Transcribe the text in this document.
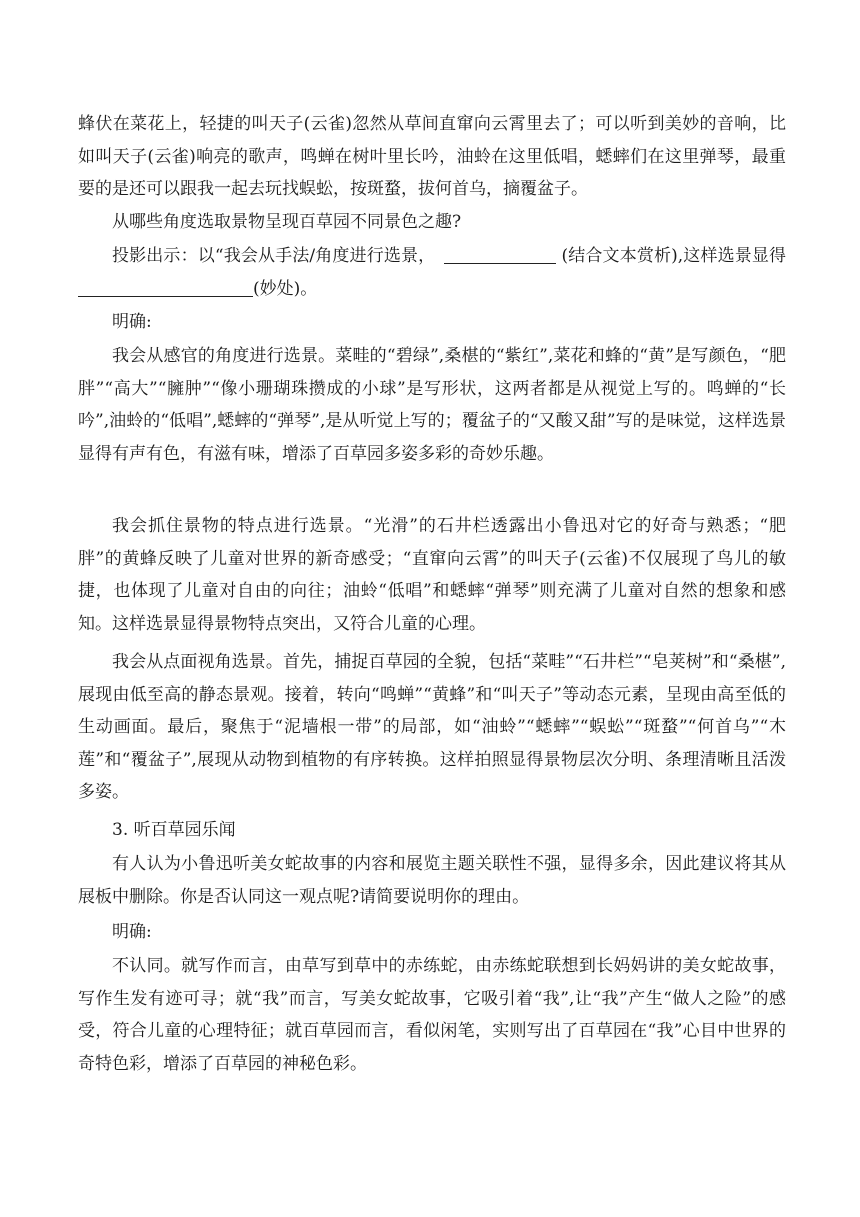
蜂伏在菜花上，轻捷的叫天子(云雀)忽然从草间直窜向云霄里去了；可以听到美妙的音响，比如叫天子(云雀)响亮的歌声，鸣蝉在树叶里长吟，油蛉在这里低唱，蟋蟀们在这里弹琴，最重要的是还可以跟我一起去玩找蜈蚣，按斑蝥，拔何首乌，摘覆盆子。

从哪些角度选取景物呈现百草园不同景色之趣?

投影出示：以“我会从手法/角度进行选景，　	(结合文本赏析),这样选景显得(妙处)。

明确:

我会从感官的角度进行选景。菜畦的“碧绿”,桑椹的“紫红”,菜花和蜂的“黄”是写颜色，“肥胖”“高大”“臃肿”“像小珊瑚珠攒成的小球”是写形状，这两者都是从视觉上写的。鸣蝉的“长吟”,油蛉的“低唱”,蟋蟀的“弹琴”,是从听觉上写的；覆盆子的“又酸又甜”写的是味觉，这样选景显得有声有色，有滋有味，增添了百草园多姿多彩的奇妙乐趣。

我会抓住景物的特点进行选景。“光滑”的石井栏透露出小鲁迅对它的好奇与熟悉；“肥胖”的黄蜂反映了儿童对世界的新奇感受；“直窜向云霄”的叫天子(云雀)不仅展现了鸟儿的敏捷，也体现了儿童对自由的向往；油蛉“低唱”和蟋蟀“弹琴”则充满了儿童对自然的想象和感知。这样选景显得景物特点突出，又符合儿童的心理。

我会从点面视角选景。首先，捕捉百草园的全貌，包括“菜畦”“石井栏”“皂荚树”和“桑椹”,展现由低至高的静态景观。接着，转向“鸣蝉”“黄蜂”和“叫天子”等动态元素，呈现由高至低的生动画面。最后，聚焦于“泥墙根一带”的局部，如“油蛉”“蟋蟀”“蜈蚣”“斑蝥”“何首乌”“木莲”和“覆盆子”,展现从动物到植物的有序转换。这样拍照显得景物层次分明、条理清晰且活泼多姿。

3. 听百草园乐闻

有人认为小鲁迅听美女蛇故事的内容和展览主题关联性不强，显得多余，因此建议将其从展板中删除。你是否认同这一观点呢?请简要说明你的理由。

明确:

不认同。就写作而言，由草写到草中的赤练蛇，由赤练蛇联想到长妈妈讲的美女蛇故事，写作生发有迹可寻；就“我”而言，写美女蛇故事，它吸引着“我”,让“我”产生“做人之险”的感受，符合儿童的心理特征；就百草园而言，看似闲笔，实则写出了百草园在“我”心目中世界的奇特色彩，增添了百草园的神秘色彩。
